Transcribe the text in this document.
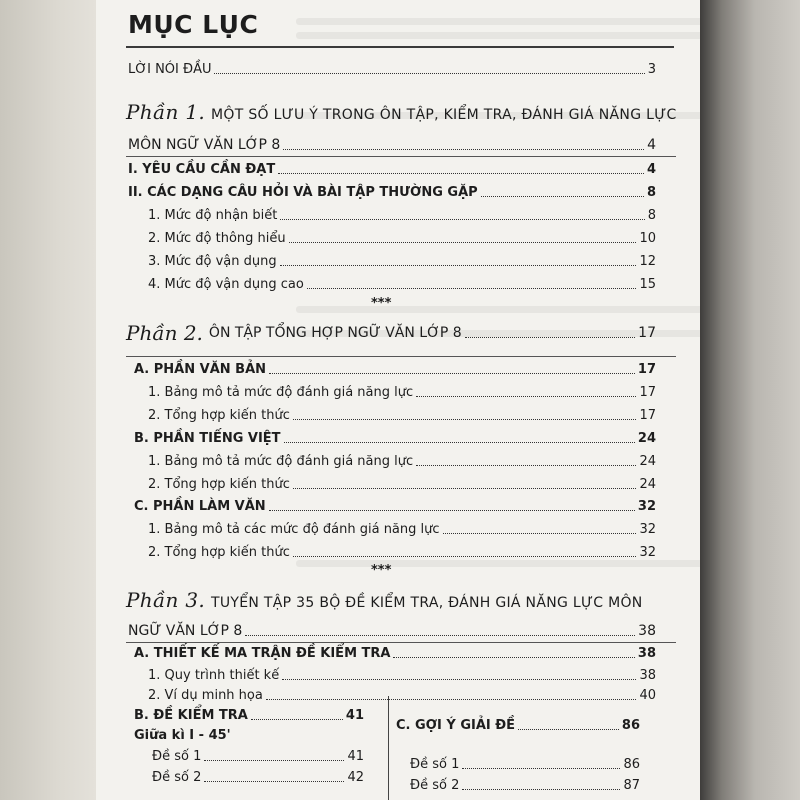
MỤC LỤC
LỜI NÓI ĐẦU	3
Phần 1. MỘT SỐ LƯU Ý TRONG ÔN TẬP, KIỂM TRA, ĐÁNH GIÁ NĂNG LỰC
MÔN NGỮ VĂN LỚP 8	4
I. YÊU CẦU CẦN ĐẠT	4
II. CÁC DẠNG CÂU HỎI VÀ BÀI TẬP THƯỜNG GẶP	8
1. Mức độ nhận biết	8
2. Mức độ thông hiểu	10
3. Mức độ vận dụng	12
4. Mức độ vận dụng cao	15
***
Phần 2. ÔN TẬP TỔNG HỢP NGỮ VĂN LỚP 8	17
A. PHẦN VĂN BẢN	17
1. Bảng mô tả mức độ đánh giá năng lực	17
2. Tổng hợp kiến thức	17
B. PHẦN TIẾNG VIỆT	24
1. Bảng mô tả mức độ đánh giá năng lực	24
2. Tổng hợp kiến thức	24
C. PHẦN LÀM VĂN	32
1. Bảng mô tả các mức độ đánh giá năng lực	32
2. Tổng hợp kiến thức	32
***
Phần 3. TUYỂN TẬP 35 BỘ ĐỀ KIỂM TRA, ĐÁNH GIÁ NĂNG LỰC MÔN
NGỮ VĂN LỚP 8	38
A. THIẾT KẾ MA TRẬN ĐỀ KIỂM TRA	38
1. Quy trình thiết kế	38
2. Ví dụ minh họa	40
B. ĐỀ KIỂM TRA	41
Giữa kì I - 45'
Đề số 1	41
Đề số 2	42
C. GỢI Ý GIẢI ĐỀ	86
Đề số 1	86
Đề số 2	87
